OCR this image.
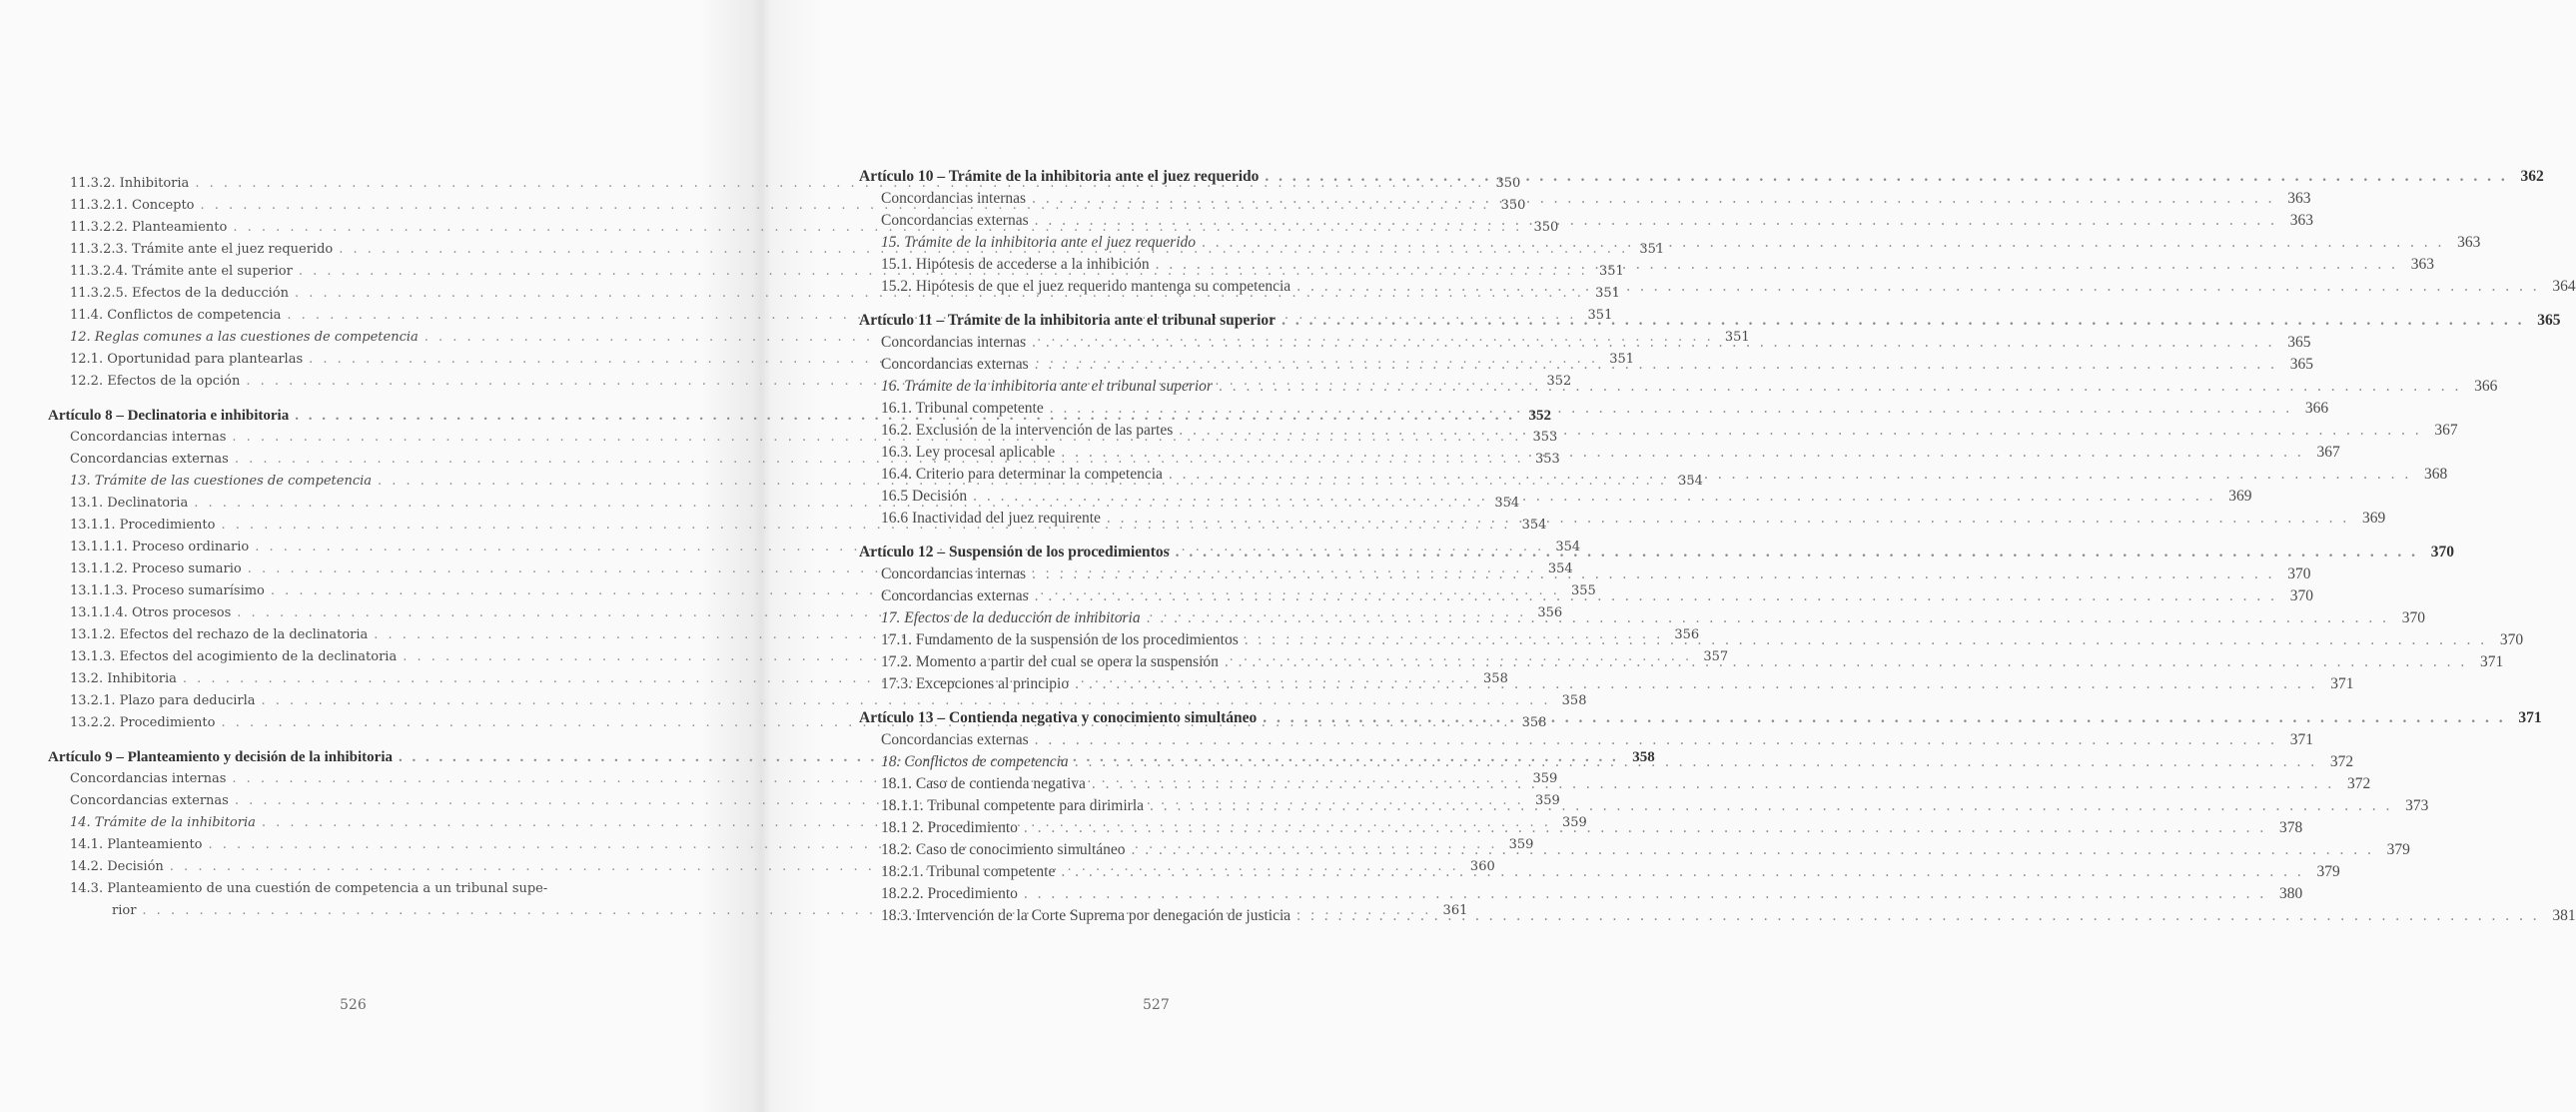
11.3.2. Inhibitoria . . .	350
11.3.2.1. Concepto . . .	350
11.3.2.2. Planteamiento . . .	350
11.3.2.3. Trámite ante el juez requerido . . .	351
11.3.2.4. Trámite ante el superior . . .	351
11.3.2.5. Efectos de la deducción . . .	351
11.4. Conflictos de competencia . . .	351
12. Reglas comunes a las cuestiones de competencia . . .	351
12.1. Oportunidad para plantearlas . . .	351
12.2. Efectos de la opción . . .	352
Artículo 8 – Declinatoria e inhibitoria . . .	352
Concordancias internas . . .	353
Concordancias externas . . .	353
13. Trámite de las cuestiones de competencia . . .	354
13.1. Declinatoria . . .	354
13.1.1. Procedimiento . . .	354
13.1.1.1. Proceso ordinario . . .	354
13.1.1.2. Proceso sumario . . .	354
13.1.1.3. Proceso sumarísimo . . .	355
13.1.1.4. Otros procesos . . .	356
13.1.2. Efectos del rechazo de la declinatoria . . .	356
13.1.3. Efectos del acogimiento de la declinatoria . . .	357
13.2. Inhibitoria . . .	358
13.2.1. Plazo para deducirla . . .	358
13.2.2. Procedimiento . . .	358
Artículo 9 – Planteamiento y decisión de la inhibitoria . . .	358
Concordancias internas . . .	359
Concordancias externas . . .	359
14. Trámite de la inhibitoria . . .	359
14.1. Planteamiento . . .	359
14.2. Decisión . . .	360
14.3. Planteamiento de una cuestión de competencia a un tribunal supe-
rior . . .	361
526
Artículo 10 – Trámite de la inhibitoria ante el juez requerido . . .	362
Concordancias internas . . .	363
Concordancias externas . . .	363
15. Trámite de la inhibitoria ante el juez requerido . . .	363
15.1. Hipótesis de accederse a la inhibición . . .	363
15.2. Hipótesis de que el juez requerido mantenga su competencia . . .	364
Artículo 11 – Trámite de la inhibitoria ante el tribunal superior . . .	365
Concordancias internas . . .	365
Concordancias externas . . .	365
16. Trámite de la inhibitoria ante el tribunal superior . . .	366
16.1. Tribunal competente . . .	366
16.2. Exclusión de la intervención de las partes . . .	367
16.3. Ley procesal aplicable . . .	367
16.4. Criterio para determinar la competencia . . .	368
16.5 Decisión . . .	369
16.6 Inactividad del juez requirente . . .	369
Artículo 12 – Suspensión de los procedimientos . . .	370
Concordancias internas . . .	370
Concordancias externas . . .	370
17. Efectos de la deducción de inhibitoria . . .	370
17.1. Fundamento de la suspensión de los procedimientos . . .	370
17.2. Momento a partir del cual se opera la suspensión . . .	371
17.3. Excepciones al principio . . .	371
Artículo 13 – Contienda negativa y conocimiento simultáneo . . .	371
Concordancias externas . . .	371
18. Conflictos de competencia . . .	372
18.1. Caso de contienda negativa . . .	372
18.1.1. Tribunal competente para dirimirla . . .	373
18.1 2. Procedimiento . . .	378
18.2. Caso de conocimiento simultáneo . . .	379
18.2.1. Tribunal competente . . .	379
18.2.2. Procedimiento . . .	380
18.3. Intervención de la Corte Suprema por denegación de justicia . . .	381
527
